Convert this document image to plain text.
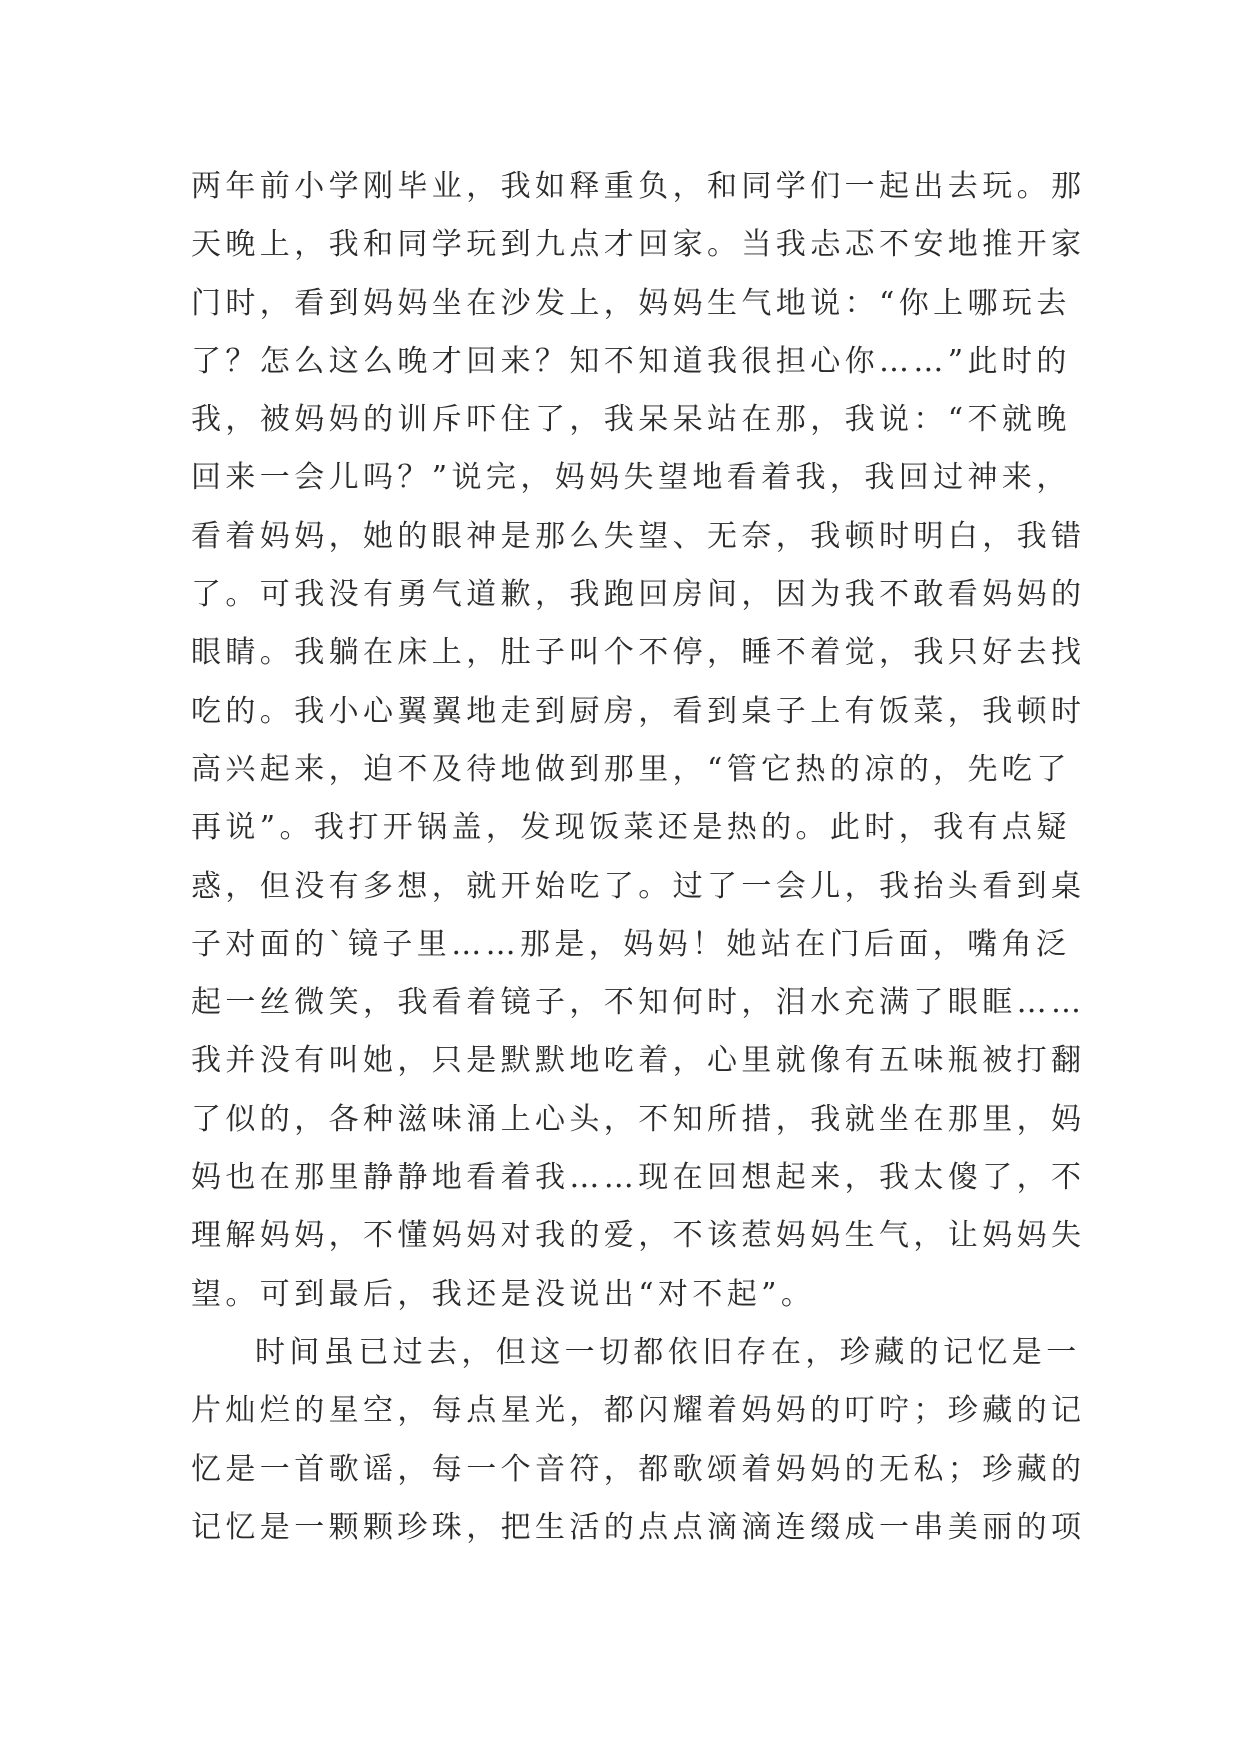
两年前小学刚毕业，我如释重负，和同学们一起出去玩。那
天晚上，我和同学玩到九点才回家。当我忐忑不安地推开家
门时，看到妈妈坐在沙发上，妈妈生气地说：“你上哪玩去
了？怎么这么晚才回来？知不知道我很担心你……”此时的
我，被妈妈的训斥吓住了，我呆呆站在那，我说：“不就晚
回来一会儿吗？”说完，妈妈失望地看着我，我回过神来，
看着妈妈，她的眼神是那么失望、无奈，我顿时明白，我错
了。可我没有勇气道歉，我跑回房间，因为我不敢看妈妈的
眼睛。我躺在床上，肚子叫个不停，睡不着觉，我只好去找
吃的。我小心翼翼地走到厨房，看到桌子上有饭菜，我顿时
高兴起来，迫不及待地做到那里，“管它热的凉的，先吃了
再说”。我打开锅盖，发现饭菜还是热的。此时，我有点疑
惑，但没有多想，就开始吃了。过了一会儿，我抬头看到桌
子对面的`镜子里……那是，妈妈！她站在门后面，嘴角泛
起一丝微笑，我看着镜子，不知何时，泪水充满了眼眶……
我并没有叫她，只是默默地吃着，心里就像有五味瓶被打翻
了似的，各种滋味涌上心头，不知所措，我就坐在那里，妈
妈也在那里静静地看着我……现在回想起来，我太傻了，不
理解妈妈，不懂妈妈对我的爱，不该惹妈妈生气，让妈妈失
望。可到最后，我还是没说出“对不起”。
时间虽已过去，但这一切都依旧存在，珍藏的记忆是一
片灿烂的星空，每点星光，都闪耀着妈妈的叮咛；珍藏的记
忆是一首歌谣，每一个音符，都歌颂着妈妈的无私；珍藏的
记忆是一颗颗珍珠，把生活的点点滴滴连缀成一串美丽的项
